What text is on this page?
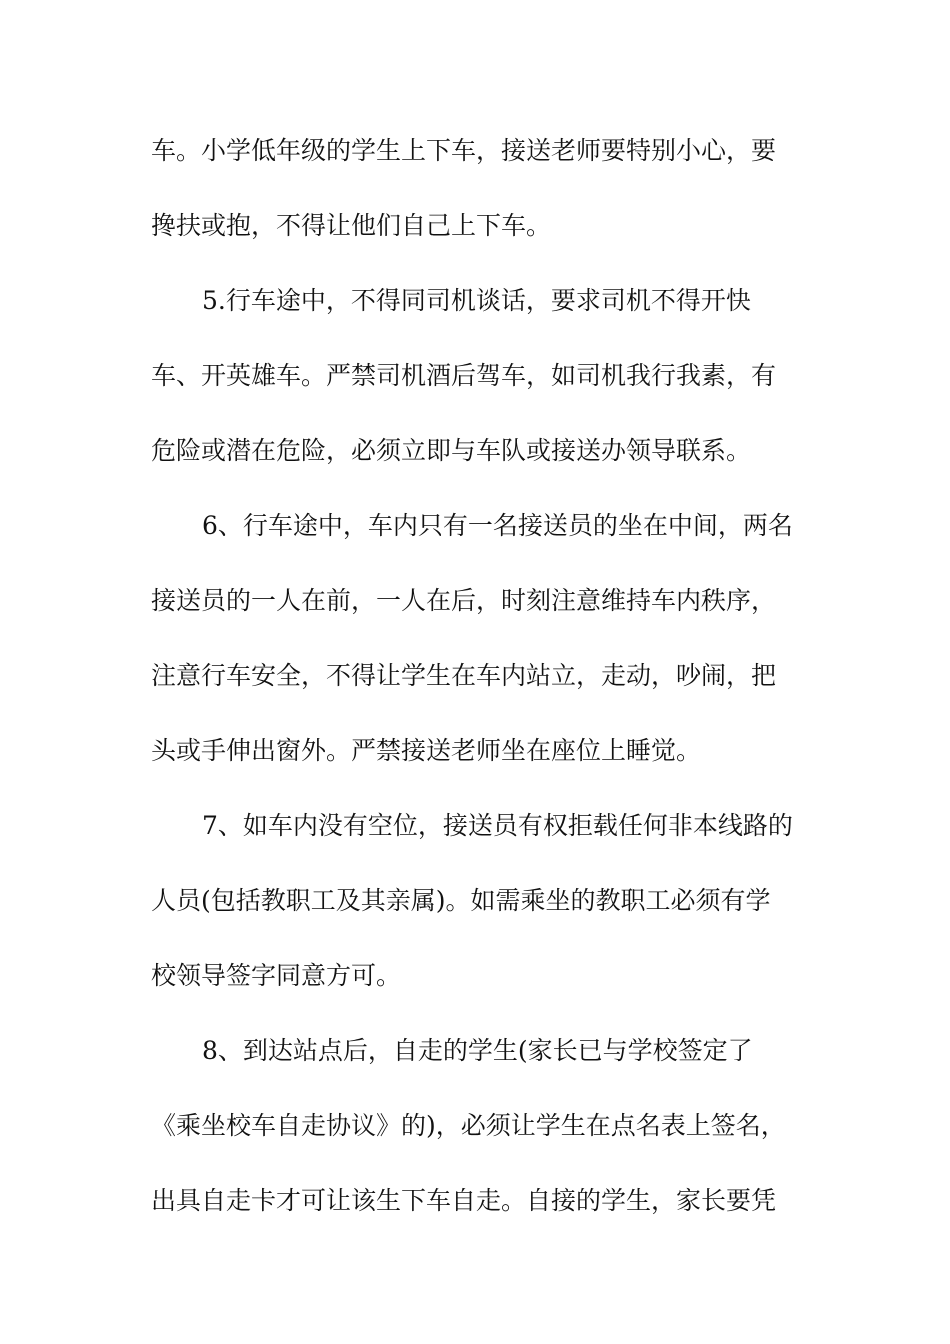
车。小学低年级的学生上下车，接送老师要特别小心，要
搀扶或抱，不得让他们自己上下车。
5.行车途中，不得同司机谈话，要求司机不得开快
车、开英雄车。严禁司机酒后驾车，如司机我行我素，有
危险或潜在危险，必须立即与车队或接送办领导联系。
6、行车途中，车内只有一名接送员的坐在中间，两名
接送员的一人在前，一人在后，时刻注意维持车内秩序，
注意行车安全，不得让学生在车内站立，走动，吵闹，把
头或手伸出窗外。严禁接送老师坐在座位上睡觉。
7、如车内没有空位，接送员有权拒载任何非本线路的
人员(包括教职工及其亲属)。如需乘坐的教职工必须有学
校领导签字同意方可。
8、到达站点后，自走的学生(家长已与学校签定了
《乘坐校车自走协议》的)，必须让学生在点名表上签名，
出具自走卡才可让该生下车自走。自接的学生，家长要凭
